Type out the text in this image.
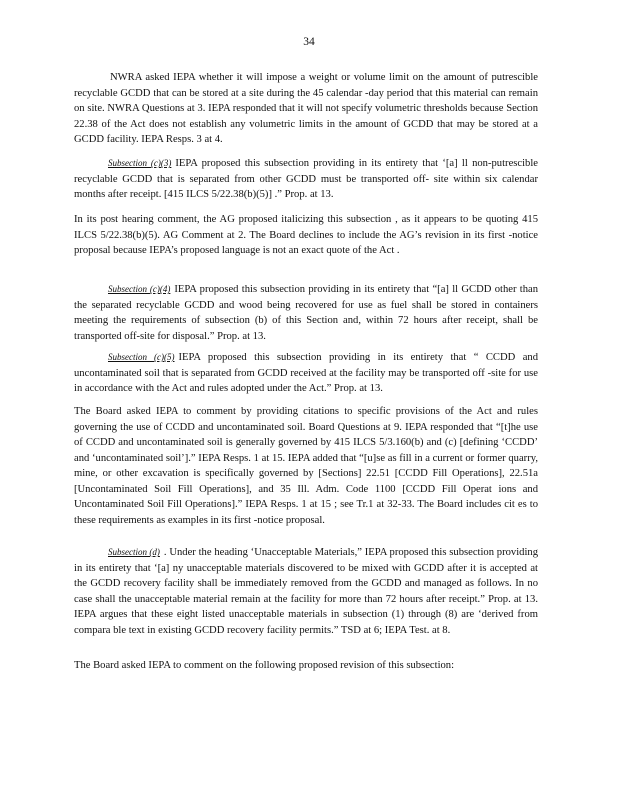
34

NWRA asked IEPA whether it will impose a weight or volume limit on the amount of putrescible recyclable GCDD that can be stored at a site during the 45 calendar -day period that this material can remain on site. NWRA Questions at 3. IEPA responded that it will not specify volumetric thresholds because Section 22.38 of the Act does not establish any volumetric limits in the amount of GCDD that may be stored at a GCDD facility. IEPA Resps. 3 at 4.

Subsection (c)(3) IEPA proposed this subsection providing in its entirety that ‘[a] ll non-putrescible recyclable GCDD that is separated from other GCDD must be transported off- site within six calendar months after receipt. [415 ILCS 5/22.38(b)(5)] .” Prop. at 13.

In its post hearing comment, the AG proposed italicizing this subsection , as it appears to be quoting 415 ILCS 5/22.38(b)(5). AG Comment at 2. The Board declines to include the AG’s revision in its first -notice proposal because IEPA’s proposed language is not an exact quote of the Act .

Subsection (c)(4) IEPA proposed this subsection providing in its entirety that “[a] ll GCDD other than the separated recyclable GCDD and wood being recovered for use as fuel shall be stored in containers meeting the requirements of subsection (b) of this Section and, within 72 hours after receipt, shall be transported off-site for disposal.” Prop. at 13.

Subsection (c)(5) IEPA proposed this subsection providing in its entirety that “ CCDD and uncontaminated soil that is separated from GCDD received at the facility may be transported off -site for use in accordance with the Act and rules adopted under the Act.” Prop. at 13.

The Board asked IEPA to comment by providing citations to specific provisions of the Act and rules governing the use of CCDD and uncontaminated soil. Board Questions at 9. IEPA responded that “[t]he use of CCDD and uncontaminated soil is generally governed by 415 ILCS 5/3.160(b) and (c) [defining ‘CCDD’ and ‘uncontaminated soil’].” IEPA Resps. 1 at 15. IEPA added that “[u]se as fill in a current or former quarry, mine, or other excavation is specifically governed by [Sections] 22.51 [CCDD Fill Operations], 22.51a [Uncontaminated Soil Fill Operations], and 35 Ill. Adm. Code 1100 [CCDD Fill Operat ions and Uncontaminated Soil Fill Operations].” IEPA Resps. 1 at 15 ; see Tr.1 at 32-33. The Board includes cit es to these requirements as examples in its first -notice proposal.

Subsection (d) . Under the heading ‘Unacceptable Materials,” IEPA proposed this subsection providing in its entirety that ‘[a] ny unacceptable materials discovered to be mixed with GCDD after it is accepted at the GCDD recovery facility shall be immediately removed from the GCDD and managed as follows. In no case shall the unacceptable material remain at the facility for more than 72 hours after receipt.” Prop. at 13. IEPA argues that these eight listed unacceptable materials in subsection (1) through (8) are ‘derived from compara ble text in existing GCDD recovery facility permits.” TSD at 6; IEPA Test. at 8.

The Board asked IEPA to comment on the following proposed revision of this subsection:
